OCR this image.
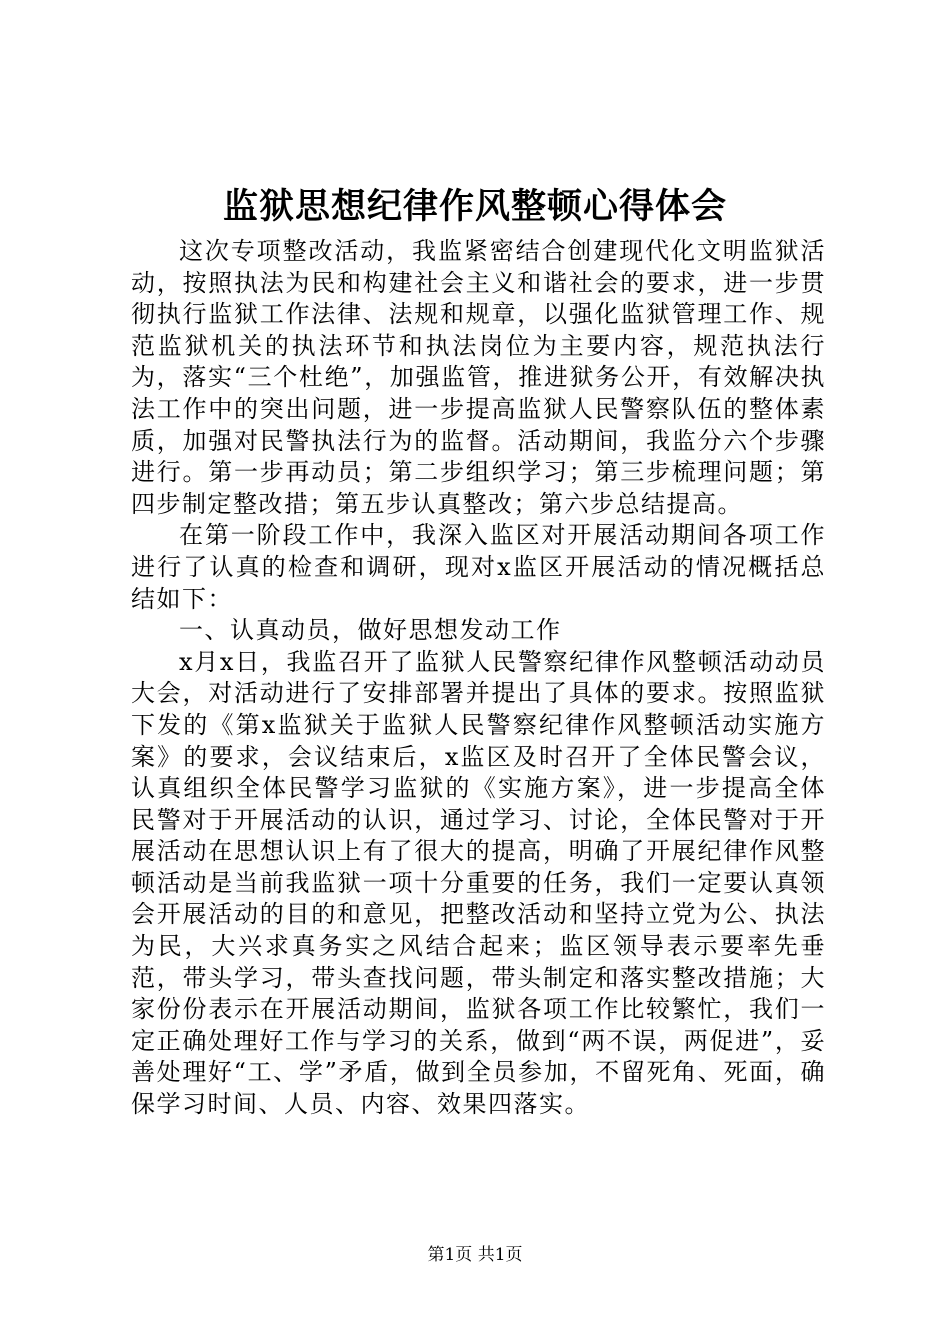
监狱思想纪律作风整顿心得体会

这次专项整改活动，我监紧密结合创建现代化文明监狱活动，按照执法为民和构建社会主义和谐社会的要求，进一步贯彻执行监狱工作法律、法规和规章，以强化监狱管理工作、规范监狱机关的执法环节和执法岗位为主要内容，规范执法行为，落实“三个杜绝”，加强监管，推进狱务公开，有效解决执法工作中的突出问题，进一步提高监狱人民警察队伍的整体素质，加强对民警执法行为的监督。活动期间，我监分六个步骤进行。第一步再动员；第二步组织学习；第三步梳理问题；第四步制定整改措；第五步认真整改；第六步总结提高。

在第一阶段工作中，我深入监区对开展活动期间各项工作进行了认真的检查和调研，现对x监区开展活动的情况概括总结如下：

一、认真动员，做好思想发动工作

x月x日，我监召开了监狱人民警察纪律作风整顿活动动员大会，对活动进行了安排部署并提出了具体的要求。按照监狱下发的《第x监狱关于监狱人民警察纪律作风整顿活动实施方案》的要求，会议结束后，x监区及时召开了全体民警会议，认真组织全体民警学习监狱的《实施方案》，进一步提高全体民警对于开展活动的认识，通过学习、讨论，全体民警对于开展活动在思想认识上有了很大的提高，明确了开展纪律作风整顿活动是当前我监狱一项十分重要的任务，我们一定要认真领会开展活动的目的和意见，把整改活动和坚持立党为公、执法为民，大兴求真务实之风结合起来；监区领导表示要率先垂范，带头学习，带头查找问题，带头制定和落实整改措施；大家份份表示在开展活动期间，监狱各项工作比较繁忙，我们一定正确处理好工作与学习的关系，做到“两不误，两促进”，妥善处理好“工、学”矛盾，做到全员参加，不留死角、死面，确保学习时间、人员、内容、效果四落实。

第1页 共1页
